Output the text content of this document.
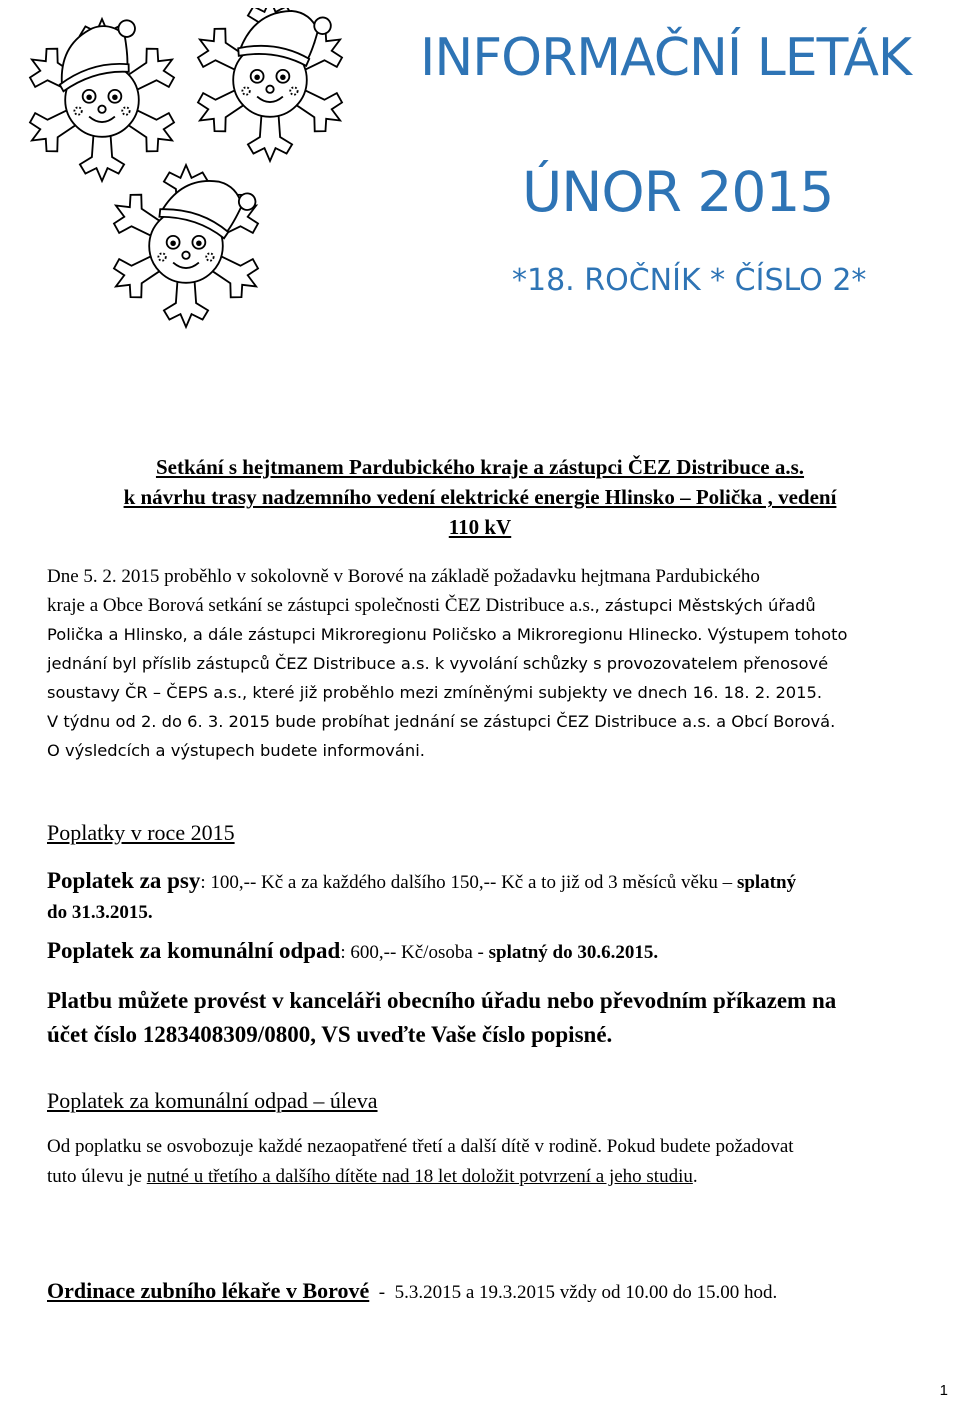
INFORMAČNÍ LETÁK
ÚNOR 2015
*18. ROČNÍK * ČÍSLO 2*
Setkání s hejtmanem Pardubického kraje a zástupci ČEZ Distribuce a.s.
k návrhu trasy nadzemního vedení elektrické energie Hlinsko – Polička , vedení
110 kV
Dne 5. 2. 2015 proběhlo v sokolovně v Borové na základě požadavku hejtmana Pardubického
kraje a Obce Borová setkání se zástupci společnosti ČEZ Distribuce a.s., zástupci Městských úřadů
Polička a Hlinsko, a dále zástupci Mikroregionu Poličsko a Mikroregionu Hlinecko. Výstupem tohoto
jednání byl příslib zástupců ČEZ Distribuce a.s. k vyvolání schůzky s provozovatelem přenosové
soustavy ČR – ČEPS a.s., které již proběhlo mezi zmíněnými subjekty ve dnech 16. 18. 2. 2015.
V týdnu od 2. do 6. 3. 2015 bude probíhat jednání se zástupci ČEZ Distribuce a.s. a Obcí Borová.
O výsledcích a výstupech budete informováni.
Poplatky v roce 2015
Poplatek za psy: 100,-- Kč a za každého dalšího 150,-- Kč a to již od 3 měsíců věku – splatný
do 31.3.2015.
Poplatek za komunální odpad: 600,-- Kč/osoba - splatný do 30.6.2015.
Platbu můžete provést v kanceláři obecního úřadu nebo převodním příkazem na
účet číslo 1283408309/0800, VS uveďte Vaše číslo popisné.
Poplatek za komunální odpad – úleva
Od poplatku se osvobozuje každé nezaopatřené třetí a další dítě v rodině. Pokud budete požadovat
tuto úlevu je nutné u třetího a dalšího dítěte nad 18 let doložit potvrzení a jeho studiu.
Ordinace zubního lékaře v Borové  -  5.3.2015 a 19.3.2015 vždy od 10.00 do 15.00 hod.
1
